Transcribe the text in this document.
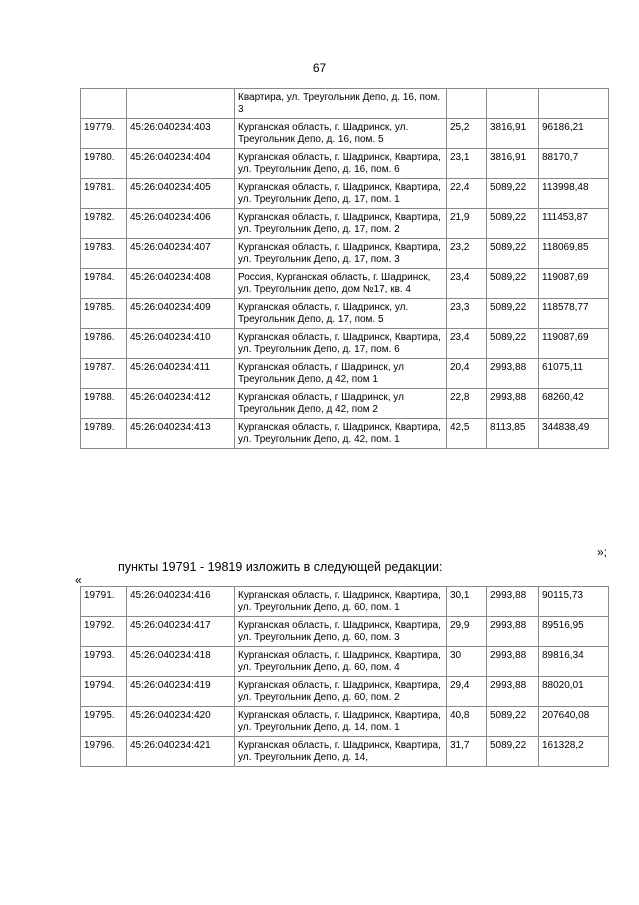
67
		Квартира, ул. Треугольник Депо, д. 16, пом. 3			
19779.	45:26:040234:403	Курганская область, г. Шадринск, ул. Треугольник Депо, д. 16, пом. 5	25,2	3816,91	96186,21
19780.	45:26:040234:404	Курганская область, г. Шадринск, Квартира, ул. Треугольник Депо, д. 16, пом. 6	23,1	3816,91	88170,7
19781.	45:26:040234:405	Курганская область, г. Шадринск, Квартира, ул. Треугольник Депо, д. 17, пом. 1	22,4	5089,22	113998,48
19782.	45:26:040234:406	Курганская область, г. Шадринск, Квартира, ул. Треугольник Депо, д. 17, пом. 2	21,9	5089,22	111453,87
19783.	45:26:040234:407	Курганская область, г. Шадринск, Квартира, ул. Треугольник Депо, д. 17, пом. 3	23,2	5089,22	118069,85
19784.	45:26:040234:408	Россия, Курганская область, г. Шадринск, ул. Треугольник депо, дом №17, кв. 4	23,4	5089,22	119087,69
19785.	45:26:040234:409	Курганская область, г. Шадринск, ул. Треугольник Депо, д. 17, пом. 5	23,3	5089,22	118578,77
19786.	45:26:040234:410	Курганская область, г. Шадринск, Квартира, ул. Треугольник Депо, д. 17, пом. 6	23,4	5089,22	119087,69
19787.	45:26:040234:411	Курганская область, г Шадринск, ул Треугольник Депо, д 42, пом 1	20,4	2993,88	61075,11
19788.	45:26:040234:412	Курганская область, г Шадринск, ул Треугольник Депо, д 42, пом 2	22,8	2993,88	68260,42
19789.	45:26:040234:413	Курганская область, г. Шадринск, Квартира, ул. Треугольник Депо, д. 42, пом. 1	42,5	8113,85	344838,49
»;
пункты 19791 - 19819 изложить в следующей редакции:
«
19791.	45:26:040234:416	Курганская область, г. Шадринск, Квартира, ул. Треугольник Депо, д. 60, пом. 1	30,1	2993,88	90115,73
19792.	45:26:040234:417	Курганская область, г. Шадринск, Квартира, ул. Треугольник Депо, д. 60, пом. 3	29,9	2993,88	89516,95
19793.	45:26:040234:418	Курганская область, г. Шадринск, Квартира, ул. Треугольник Депо, д. 60, пом. 4	30	2993,88	89816,34
19794.	45:26:040234:419	Курганская область, г. Шадринск, Квартира, ул. Треугольник Депо, д. 60, пом. 2	29,4	2993,88	88020,01
19795.	45:26:040234:420	Курганская область, г. Шадринск, Квартира, ул. Треугольник Депо, д. 14, пом. 1	40,8	5089,22	207640,08
19796.	45:26:040234:421	Курганская область, г. Шадринск, Квартира, ул. Треугольник Депо, д. 14,	31,7	5089,22	161328,2
